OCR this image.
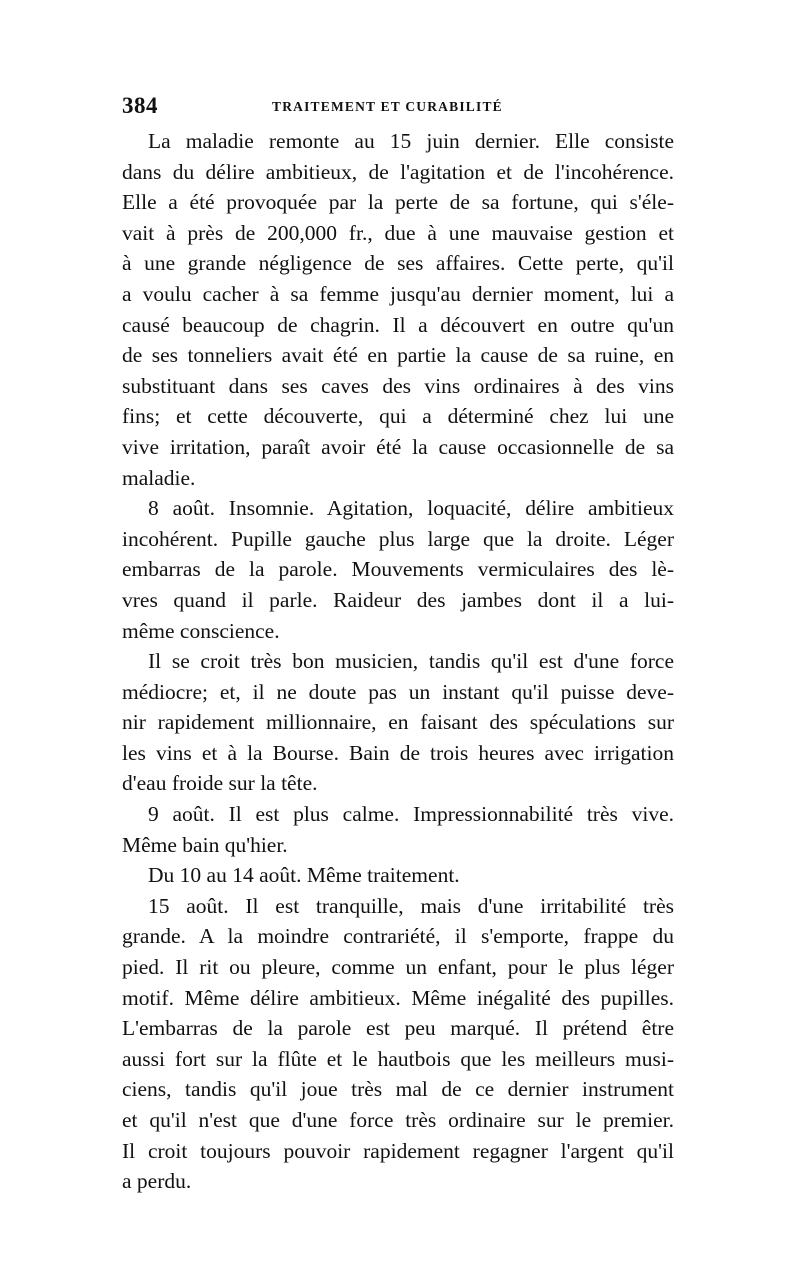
384	TRAITEMENT ET CURABILITÉ
La maladie remonte au 15 juin dernier. Elle consiste
dans du délire ambitieux, de l'agitation et de l'incohérence.
Elle a été provoquée par la perte de sa fortune, qui s'éle-
vait à près de 200,000 fr., due à une mauvaise gestion et
à une grande négligence de ses affaires. Cette perte, qu'il
a voulu cacher à sa femme jusqu'au dernier moment, lui a
causé beaucoup de chagrin. Il a découvert en outre qu'un
de ses tonneliers avait été en partie la cause de sa ruine, en
substituant dans ses caves des vins ordinaires à des vins
fins; et cette découverte, qui a déterminé chez lui une
vive irritation, paraît avoir été la cause occasionnelle de sa
maladie.
8 août. Insomnie. Agitation, loquacité, délire ambitieux
incohérent. Pupille gauche plus large que la droite. Léger
embarras de la parole. Mouvements vermiculaires des lè-
vres quand il parle. Raideur des jambes dont il a lui-
même conscience.
Il se croit très bon musicien, tandis qu'il est d'une force
médiocre; et, il ne doute pas un instant qu'il puisse deve-
nir rapidement millionnaire, en faisant des spéculations sur
les vins et à la Bourse. Bain de trois heures avec irrigation
d'eau froide sur la tête.
9 août. Il est plus calme. Impressionnabilité très vive.
Même bain qu'hier.
Du 10 au 14 août. Même traitement.
15 août. Il est tranquille, mais d'une irritabilité très
grande. A la moindre contrariété, il s'emporte, frappe du
pied. Il rit ou pleure, comme un enfant, pour le plus léger
motif. Même délire ambitieux. Même inégalité des pupilles.
L'embarras de la parole est peu marqué. Il prétend être
aussi fort sur la flûte et le hautbois que les meilleurs musi-
ciens, tandis qu'il joue très mal de ce dernier instrument
et qu'il n'est que d'une force très ordinaire sur le premier.
Il croit toujours pouvoir rapidement regagner l'argent qu'il
a perdu.
